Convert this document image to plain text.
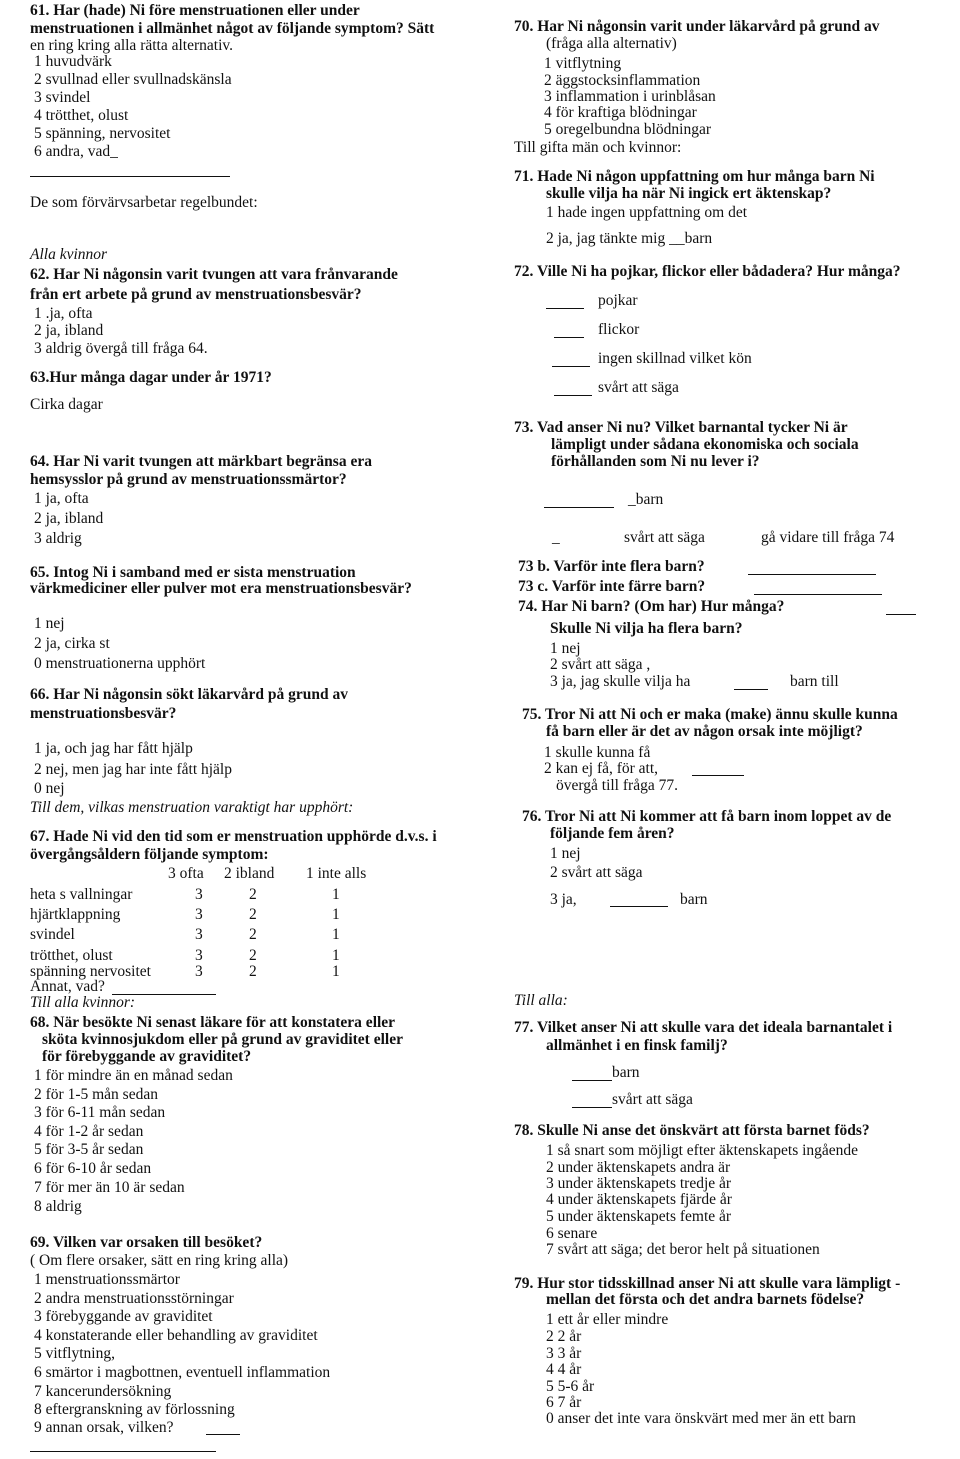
61. Har (hade) Ni före menstruationen eller under
menstruationen i allmänhet något av följande symptom? Sätt
en ring kring alla rätta alternativ.
1 huvudvärk
2 svullnad eller svullnadskänsla
3 svindel
4 trötthet, olust
5 spänning, nervositet
6 andra, vad_
De som förvärvsarbetar regelbundet:
Alla kvinnor
62. Har Ni någonsin varit tvungen att vara frånvarande
från ert arbete på grund av menstruationsbesvär?
1 .ja, ofta
2 ja, ibland
3 aldrig övergå till fråga 64.
63.Hur många dagar under år 1971?
Cirka dagar
64. Har Ni varit tvungen att märkbart begränsa era
hemsysslor på grund av menstruationssmärtor?
1 ja, ofta
2 ja, ibland
3 aldrig
65. Intog Ni i samband med er sista menstruation
värkmediciner eller pulver mot era menstruationsbesvär?
1 nej
2 ja, cirka st
0 menstruationerna upphört
66. Har Ni någonsin sökt läkarvård på grund av
menstruationsbesvär?
1 ja, och jag har fått hjälp
2 nej, men jag har inte fått hjälp
0 nej
Till dem, vilkas menstruation varaktigt har upphört:
67. Hade Ni vid den tid som er menstruation upphörde d.v.s. i
övergångsåldern följande symptom:
3 ofta 2 ibland 1 inte alls
heta s vallningar	3	2	1
hjärtklappning	3	2	1
svindel	3	2	1
trötthet, olust	3	2	1
spänning nervositet	3	2	1
Annat, vad?
Till alla kvinnor:
68. När besökte Ni senast läkare för att konstatera eller
sköta kvinnosjukdom eller på grund av graviditet eller
för förebyggande av graviditet?
1 för mindre än en månad sedan
2 för 1-5 mån sedan
3 för 6-11 mån sedan
4 för 1-2 år sedan
5 för 3-5 år sedan
6 för 6-10 år sedan
7 för mer än 10 är sedan
8 aldrig
69. Vilken var orsaken till besöket?
( Om flere orsaker, sätt en ring kring alla)
1 menstruationssmärtor
2 andra menstruationsstörningar
3 förebyggande av graviditet
4 konstaterande eller behandling av graviditet
5 vitflytning,
6 smärtor i magbottnen, eventuell inflammation
7 kancerundersökning
8 eftergranskning av förlossning
9 annan orsak, vilken?
70. Har Ni någonsin varit under läkarvård på grund av
(fråga alla alternativ)
1 vitflytning
2 äggstocksinflammation
3 inflammation i urinblåsan
4 för kraftiga blödningar
5 oregelbundna blödningar
Till gifta män och kvinnor:
71. Hade Ni någon uppfattning om hur många barn Ni
skulle vilja ha när Ni ingick ert äktenskap?
1 hade ingen uppfattning om det
2 ja, jag tänkte mig __barn
72. Ville Ni ha pojkar, flickor eller bådadera? Hur många?
pojkar
flickor
ingen skillnad vilket kön
svårt att säga
73. Vad anser Ni nu? Vilket barnantal tycker Ni är
lämpligt under sådana ekonomiska och sociala
förhållanden som Ni nu lever i?
_barn
_	svårt att säga	gå vidare till fråga 74
73 b. Varför inte flera barn?
73 c. Varför inte färre barn?
74. Har Ni barn? (Om har) Hur många?
Skulle Ni vilja ha flera barn?
1 nej
2 svårt att säga ,
3 ja, jag skulle vilja ha	barn till
75. Tror Ni att Ni och er maka (make) ännu skulle kunna
få barn eller är det av någon orsak inte möjligt?
1 skulle kunna få
2 kan ej få, för att,
övergå till fråga 77.
76. Tror Ni att Ni kommer att få barn inom loppet av de
följande fem åren?
1 nej
2 svårt att säga
3 ja,	barn
Till alla:
77. Vilket anser Ni att skulle vara det ideala barnantalet i
allmänhet i en finsk familj?
barn
svårt att säga
78. Skulle Ni anse det önskvärt att första barnet föds?
1 så snart som möjligt efter äktenskapets ingående
2 under äktenskapets andra är
3 under äktenskapets tredje år
4 under äktenskapets fjärde år
5 under äktenskapets femte år
6 senare
7 svårt att säga; det beror helt på situationen
79. Hur stor tidsskillnad anser Ni att skulle vara lämpligt -
mellan det första och det andra barnets födelse?
1 ett år eller mindre
2 2 år
3 3 år
4 4 år
5 5-6 år
6 7 år
0 anser det inte vara önskvärt med mer än ett barn
